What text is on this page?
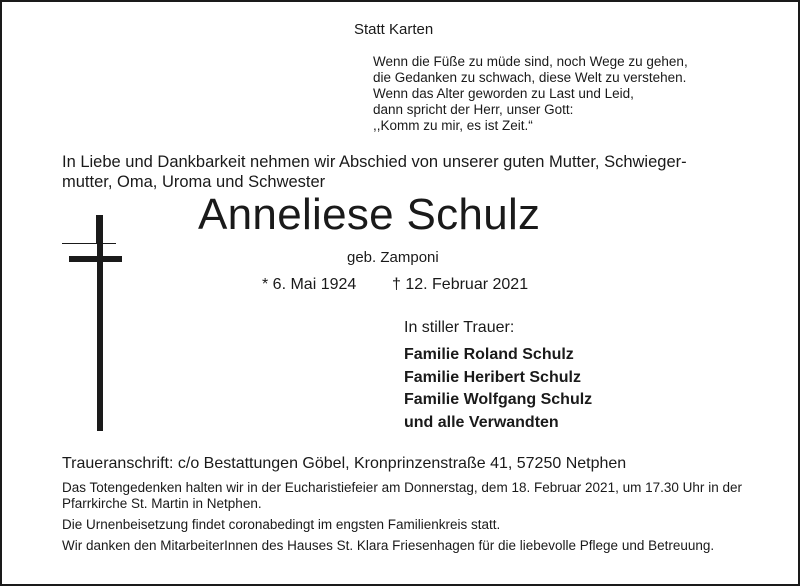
Statt Karten
Wenn die Füße zu müde sind, noch Wege zu gehen,
die Gedanken zu schwach, diese Welt zu verstehen.
Wenn das Alter geworden zu Last und Leid,
dann spricht der Herr, unser Gott:
,,Komm zu mir, es ist Zeit.“
In Liebe und Dankbarkeit nehmen wir Abschied von unserer guten Mutter, Schwieger-
mutter, Oma, Uroma und Schwester
Anneliese Schulz
geb. Zamponi
* 6. Mai 1924 † 12. Februar 2021
In stiller Trauer:
Familie Roland Schulz
Familie Heribert Schulz
Familie Wolfgang Schulz
und alle Verwandten
Traueranschrift: c/o Bestattungen Göbel, Kronprinzenstraße 41, 57250 Netphen
Das Totengedenken halten wir in der Eucharistiefeier am Donnerstag, dem 18. Februar 2021, um 17.30 Uhr in der Pfarrkirche St. Martin in Netphen.
Die Urnenbeisetzung findet coronabedingt im engsten Familienkreis statt.
Wir danken den MitarbeiterInnen des Hauses St. Klara Friesenhagen für die liebevolle Pflege und Betreuung.
